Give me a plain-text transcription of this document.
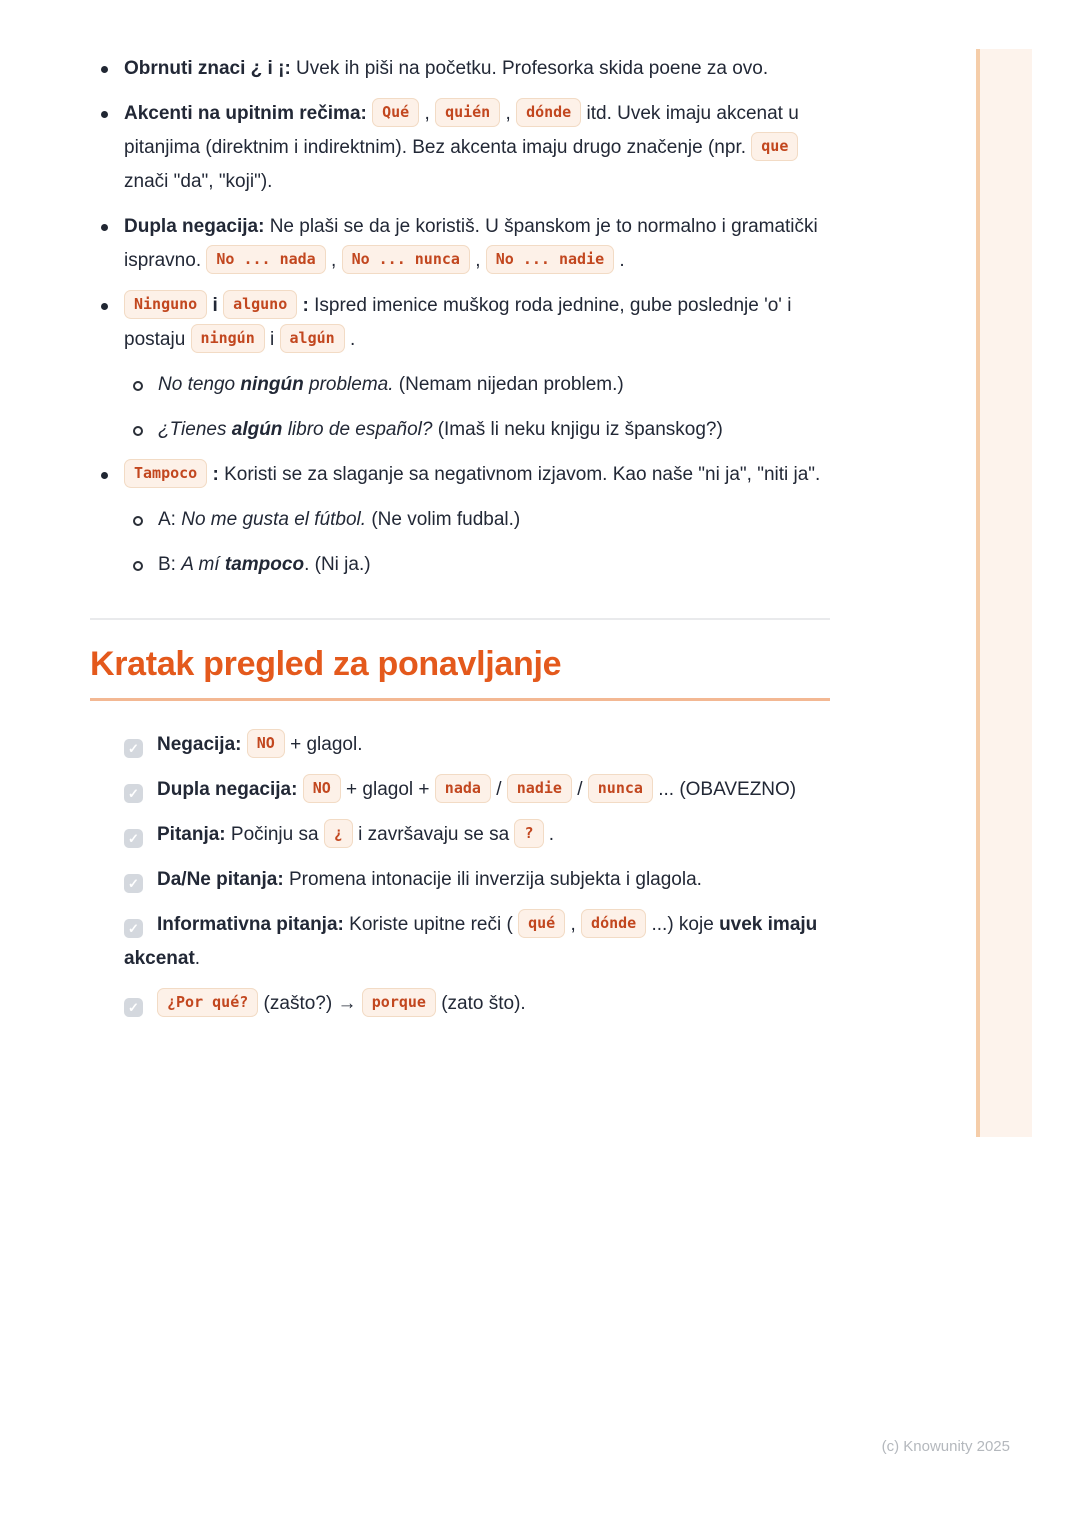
Obrnuti znaci ¿ i ¡: Uvek ih piši na početku. Profesorka skida poene za ovo.
Akcenti na upitnim rečima: Qué , quién , dónde itd. Uvek imaju akcenat u pitanjima (direktnim i indirektnim). Bez akcenta imaju drugo značenje (npr. que znači "da", "koji").
Dupla negacija: Ne plaši se da je koristiš. U španskom je to normalno i gramatički ispravno. No ... nada , No ... nunca , No ... nadie .
Ninguno i alguno : Ispred imenice muškog roda jednine, gube poslednje 'o' i postaju ningún i algún .
No tengo ningún problema. (Nemam nijedan problem.)
¿Tienes algún libro de español? (Imaš li neku knjigu iz španskog?)
Tampoco : Koristi se za slaganje sa negativnom izjavom. Kao naše "ni ja", "niti ja".
A: No me gusta el fútbol. (Ne volim fudbal.)
B: A mí tampoco. (Ni ja.)
Kratak pregled za ponavljanje
✓ Negacija: NO + glagol.
✓ Dupla negacija: NO + glagol + nada / nadie / nunca ... (OBAVEZNO)
✓ Pitanja: Počinju sa ¿ i završavaju se sa ? .
✓ Da/Ne pitanja: Promena intonacije ili inverzija subjekta i glagola.
✓ Informativna pitanja: Koriste upitne reči ( qué , dónde ...) koje uvek imaju akcenat.
✓ ¿Por qué? (zašto?) → porque (zato što).
(c) Knowunity 2025
